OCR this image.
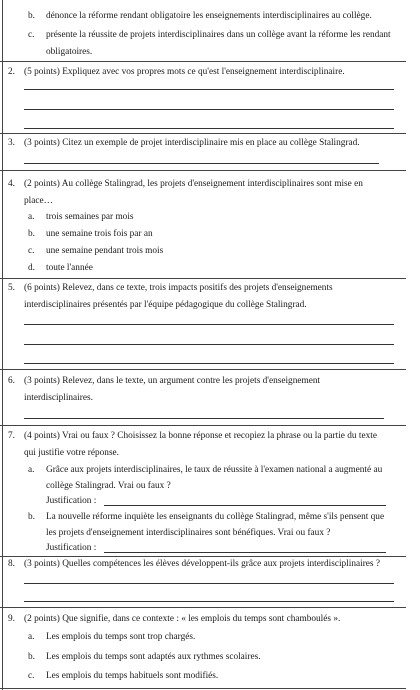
b. dénonce la réforme rendant obligatoire les enseignements interdisciplinaires au collège.
c. présente la réussite de projets interdisciplinaires dans un collège avant la réforme les rendant
obligatoires.
2. (5 points) Expliquez avec vos propres mots ce qu'est l'enseignement interdisciplinaire.
3. (3 points) Citez un exemple de projet interdisciplinaire mis en place au collège Stalingrad.
4. (2 points) Au collège Stalingrad, les projets d'enseignement interdisciplinaires sont mise en
place…
a. trois semaines par mois
b. une semaine trois fois par an
c. une semaine pendant trois mois
d. toute l'année
5. (6 points) Relevez, dans ce texte, trois impacts positifs des projets d'enseignements
interdisciplinaires présentés par l'équipe pédagogique du collège Stalingrad.
6. (3 points) Relevez, dans le texte, un argument contre les projets d'enseignement
interdisciplinaires.
7. (4 points) Vrai ou faux ? Choisissez la bonne réponse et recopiez la phrase ou la partie du texte
qui justifie votre réponse.
a. Grâce aux projets interdisciplinaires, le taux de réussite à l'examen national a augmenté au
collège Stalingrad. Vrai ou faux ?
Justification :
b. La nouvelle réforme inquiète les enseignants du collège Stalingrad, même s'ils pensent que
les projets d'enseignement interdisciplinaires sont bénéfiques. Vrai ou faux ?
Justification :
8. (3 points) Quelles compétences les élèves développent-ils grâce aux projets interdisciplinaires ?
9. (2 points) Que signifie, dans ce contexte : « les emplois du temps sont chamboulés ».
a. Les emplois du temps sont trop chargés.
b. Les emplois du temps sont adaptés aux rythmes scolaires.
c. Les emplois du temps habituels sont modifiés.
